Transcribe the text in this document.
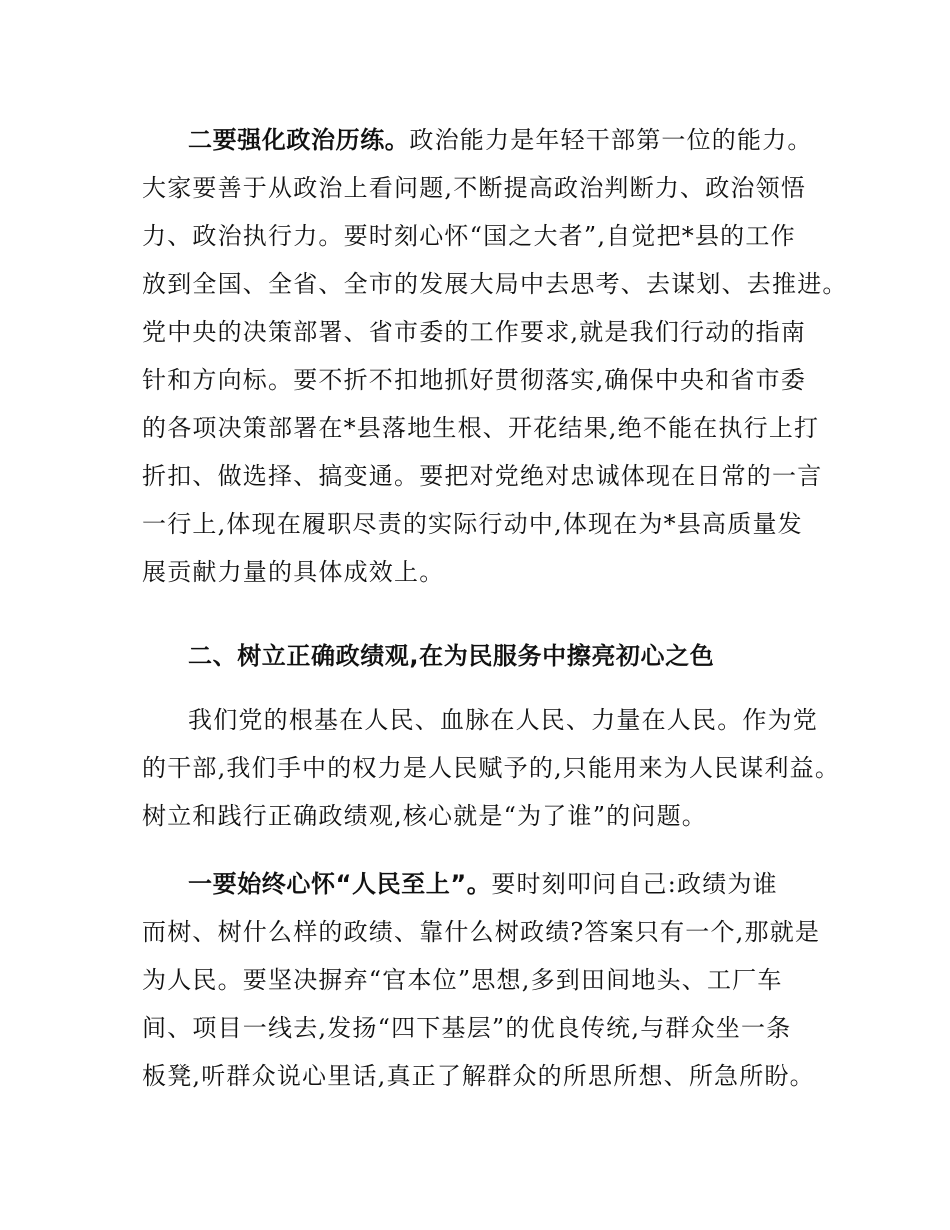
二要强化政治历练。政治能力是年轻干部第一位的能力。
大家要善于从政治上看问题,不断提高政治判断力、政治领悟
力、政治执行力。要时刻心怀“国之大者”,自觉把*县的工作
放到全国、全省、全市的发展大局中去思考、去谋划、去推进。
党中央的决策部署、省市委的工作要求,就是我们行动的指南
针和方向标。要不折不扣地抓好贯彻落实,确保中央和省市委
的各项决策部署在*县落地生根、开花结果,绝不能在执行上打
折扣、做选择、搞变通。要把对党绝对忠诚体现在日常的一言
一行上,体现在履职尽责的实际行动中,体现在为*县高质量发
展贡献力量的具体成效上。
二、树立正确政绩观,在为民服务中擦亮初心之色
我们党的根基在人民、血脉在人民、力量在人民。作为党
的干部,我们手中的权力是人民赋予的,只能用来为人民谋利益。
树立和践行正确政绩观,核心就是“为了谁”的问题。
一要始终心怀“人民至上”。要时刻叩问自己:政绩为谁
而树、树什么样的政绩、靠什么树政绩?答案只有一个,那就是
为人民。要坚决摒弃“官本位”思想,多到田间地头、工厂车
间、项目一线去,发扬“四下基层”的优良传统,与群众坐一条
板凳,听群众说心里话,真正了解群众的所思所想、所急所盼。
